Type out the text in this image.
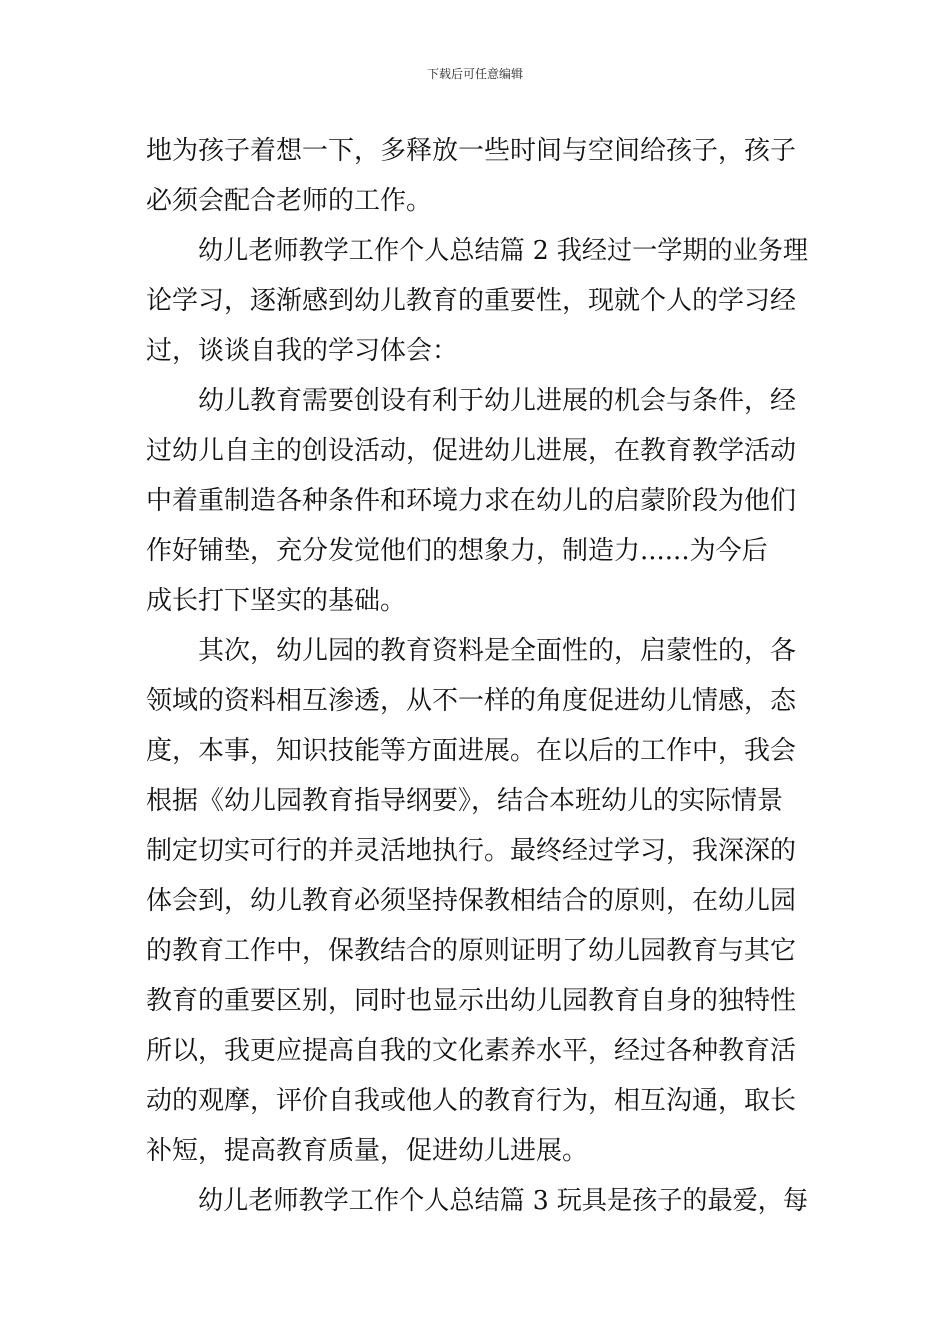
下载后可任意编辑
地为孩子着想一下，多释放一些时间与空间给孩子，孩子
必须会配合老师的工作。
幼儿老师教学工作个人总结篇 2 我经过一学期的业务理
论学习，逐渐感到幼儿教育的重要性，现就个人的学习经
过，谈谈自我的学习体会：
幼儿教育需要创设有利于幼儿进展的机会与条件，经
过幼儿自主的创设活动，促进幼儿进展，在教育教学活动
中着重制造各种条件和环境力求在幼儿的启蒙阶段为他们
作好铺垫，充分发觉他们的想象力，制造力......为今后
成长打下坚实的基础。
其次，幼儿园的教育资料是全面性的，启蒙性的，各
领域的资料相互渗透，从不一样的角度促进幼儿情感，态
度，本事，知识技能等方面进展。在以后的工作中，我会
根据《幼儿园教育指导纲要》，结合本班幼儿的实际情景
制定切实可行的并灵活地执行。最终经过学习，我深深的
体会到，幼儿教育必须坚持保教相结合的原则，在幼儿园
的教育工作中，保教结合的原则证明了幼儿园教育与其它
教育的重要区别，同时也显示出幼儿园教育自身的独特性
所以，我更应提高自我的文化素养水平，经过各种教育活
动的观摩，评价自我或他人的教育行为，相互沟通，取长
补短，提高教育质量，促进幼儿进展。
幼儿老师教学工作个人总结篇 3 玩具是孩子的最爱，每
